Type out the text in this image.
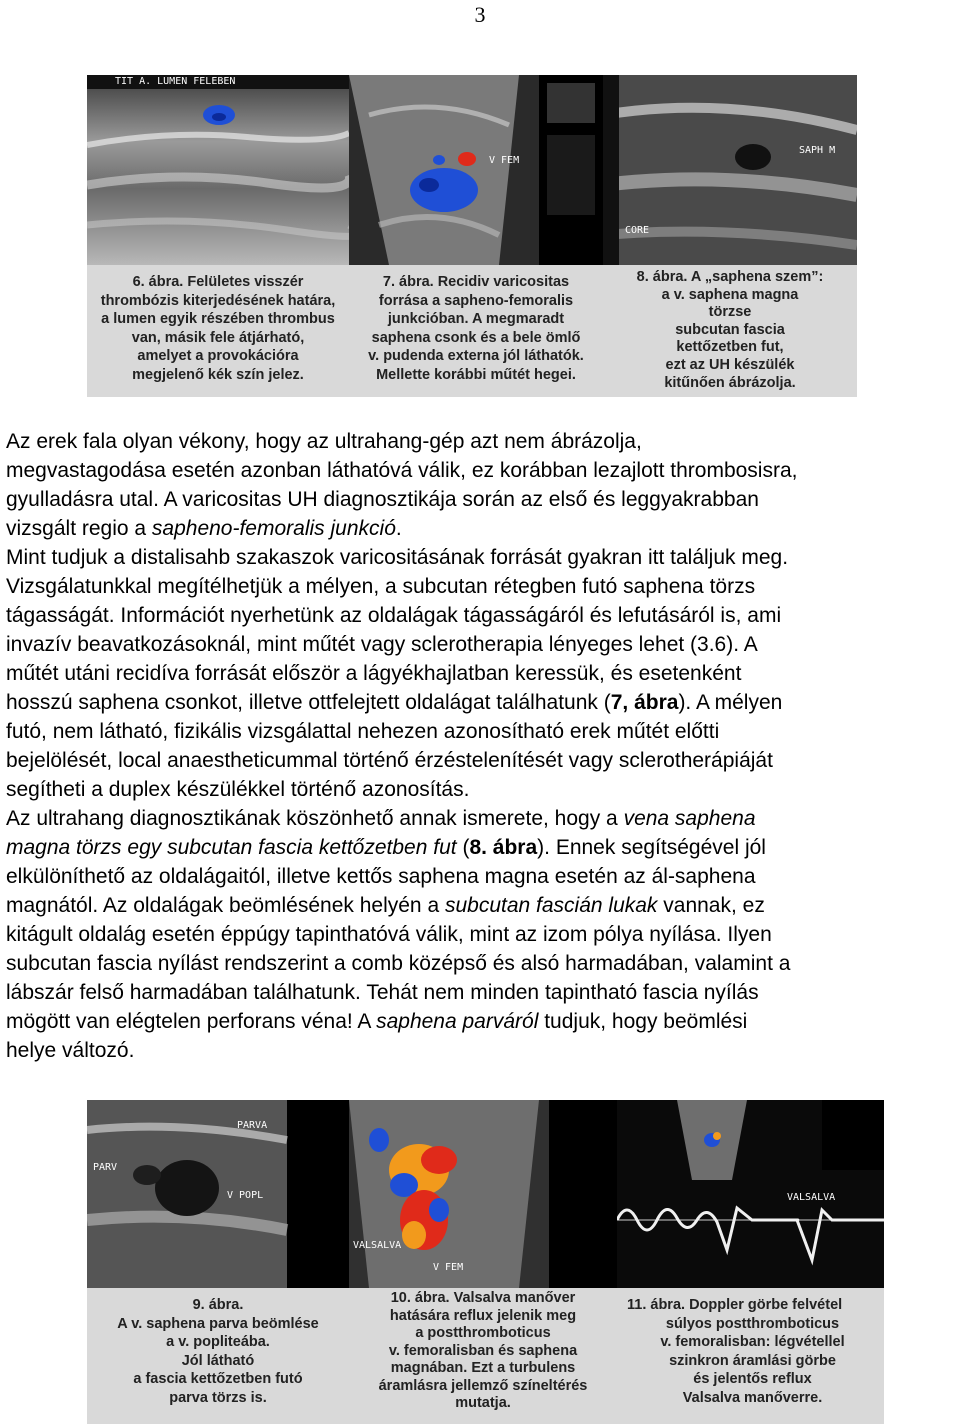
3
TIT A. LUMEN FELEBEN
6. ábra. Felületes visszér
thrombózis kiterjedésének határa,
a lumen egyik részében thrombus
van, másik fele átjárható,
amelyet a provokációra
megjelenő kék szín jelez.
V FEM
7. ábra. Recidiv varicositas
forrása a sapheno-femoralis
junkcióban. A megmaradt
saphena csonk és a bele ömlő
v. pudenda externa jól láthatók.
Mellette korábbi műtét hegei.
SAPH M
CORE
8. ábra. A „saphena szem”:
a v. saphena magna
törzse
subcutan fascia
kettőzetben fut,
ezt az UH készülék
kitűnően ábrázolja.
Az erek fala olyan vékony, hogy az ultrahang-gép azt nem ábrázolja,
megvastagodása esetén azonban láthatóvá válik, ez korábban lezajlott thrombosisra,
gyulladásra utal. A varicositas UH diagnosztikája során az első és leggyakrabban
vizsgált regio a sapheno-femoralis junkció.
Mint tudjuk a distalisahb szakaszok varicositásának forrását gyakran itt találjuk meg.
Vizsgálatunkkal megítélhetjük a mélyen, a subcutan rétegben futó saphena törzs
tágasságát. Információt nyerhetünk az oldalágak tágasságáról és lefutásáról is, ami
invazív beavatkozásoknál, mint műtét vagy sclerotherapia lényeges lehet (3.6). A
műtét utáni recidíva forrását először a lágyékhajlatban keressük, és esetenként
hosszú saphena csonkot, illetve ottfelejtett oldalágat találhatunk (7, ábra). A mélyen
futó, nem látható, fizikális vizsgálattal nehezen azonosítható erek műtét előtti
bejelölését, local anaestheticummal történő érzéstelenítését vagy sclerotherápiáját
segítheti a duplex készülékkel történő azonosítás.
Az ultrahang diagnosztikának köszönhető annak ismerete, hogy a vena saphena
magna törzs egy subcutan fascia kettőzetben fut (8. ábra). Ennek segítségével jól
elkülöníthető az oldalágaitól, illetve kettős saphena magna esetén az ál-saphena
magnától. Az oldalágak beömlésének helyén a subcutan fascián lukak vannak, ez
kitágult oldalág esetén éppúgy tapinthatóvá válik, mint az izom pólya nyílása. Ilyen
subcutan fascia nyílást rendszerint a comb középső és alsó harmadában, valamint a
lábszár felső harmadában találhatunk. Tehát nem minden tapintható fascia nyílás
mögött van elégtelen perforans véna! A saphena parváról tudjuk, hogy beömlési
helye változó.
PARVA
V POPL
PARV
9. ábra.
A v. saphena parva beömlése
a v. popliteába.
Jól látható
a fascia kettőzetben futó
parva törzs is.
V FEM
VALSALVA
10. ábra. Valsalva manőver
hatására reflux jelenik meg
a postthromboticus
v. femoralisban és saphena
magnában. Ezt a turbulens
áramlásra jellemző színeltérés
mutatja.
VALSALVA
11. ábra. Doppler görbe felvétel
súlyos postthromboticus
v. femoralisban: légvétellel
szinkron áramlási görbe
és jelentős reflux
Valsalva manőverre.
